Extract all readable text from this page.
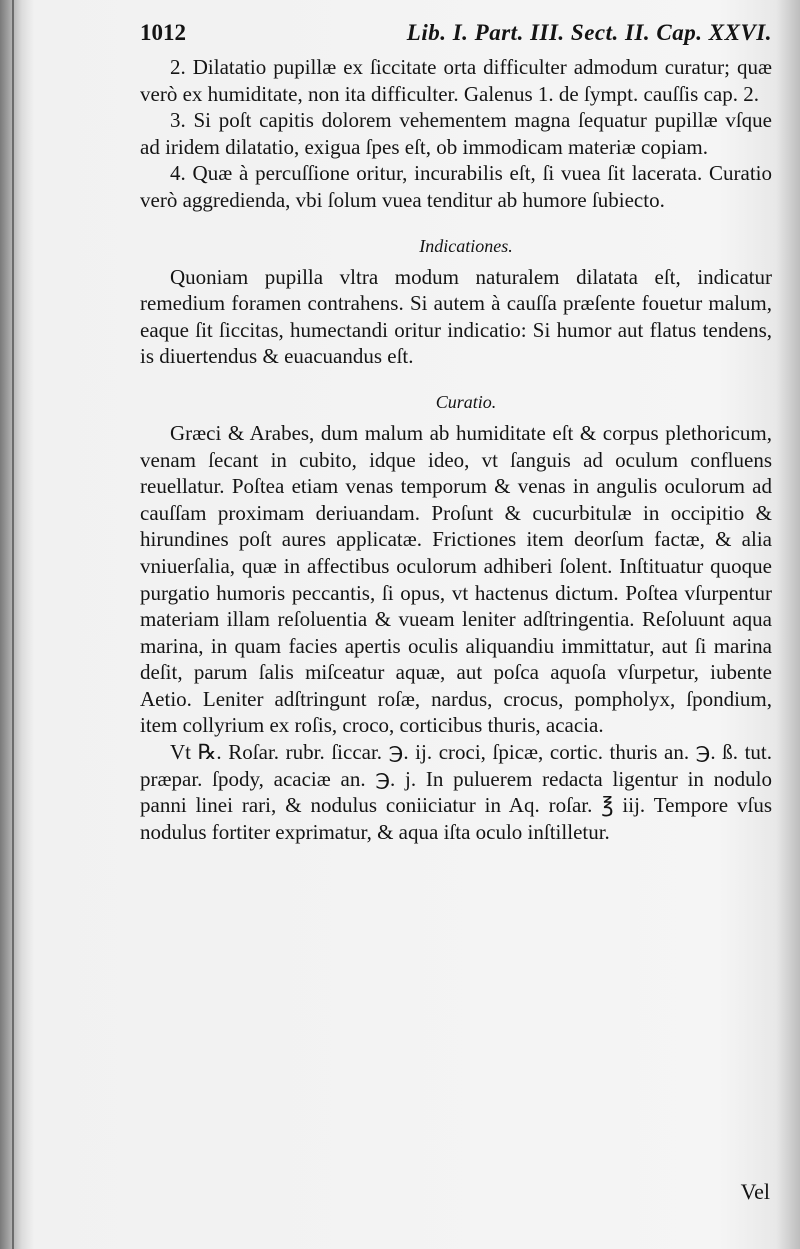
1012	Lib. I. Part. III. Sect. II. Cap. XXVI.

2. Dilatatio pupillæ ex ſiccitate orta difficulter admodum curatur; quæ verò ex humiditate, non ita difficulter. Galenus 1. de ſympt. cauſſis cap. 2.

3. Si poſt capitis dolorem vehementem magna ſequatur pupillæ vſque ad iridem dilatatio, exigua ſpes eſt, ob immodicam materiæ copiam.

4. Quæ à percuſſione oritur, incurabilis eſt, ſi vuea ſit lacerata. Curatio verò aggredienda, vbi ſolum vuea tenditur ab humore ſubiecto.

Indicationes.

Quoniam pupilla vltra modum naturalem dilatata eſt, indicatur remedium foramen contrahens. Si autem à cauſſa præſente fouetur malum, eaque ſit ſiccitas, humectandi oritur indicatio: Si humor aut flatus tendens, is diuertendus & euacuandus eſt.

Curatio.

Græci & Arabes, dum malum ab humiditate eſt & corpus plethoricum, venam ſecant in cubito, idque ideo, vt ſanguis ad oculum confluens reuellatur. Poſtea etiam venas temporum & venas in angulis oculorum ad cauſſam proximam deriuandam. Proſunt & cucurbitulæ in occipitio & hirundines poſt aures applicatæ. Frictiones item deorſum factæ, & alia vniuerſalia, quæ in affectibus oculorum adhiberi ſolent. Inſtituatur quoque purgatio humoris peccantis, ſi opus, vt hactenus dictum. Poſtea vſurpentur materiam illam reſoluentia & vueam leniter adſtringentia. Reſoluunt aqua marina, in quam facies apertis oculis aliquandiu immittatur, aut ſi marina deſit, parum ſalis miſceatur aquæ, aut poſca aquoſa vſurpetur, iubente Aetio. Leniter adſtringunt roſæ, nardus, crocus, pompholyx, ſpondium, item collyrium ex roſis, croco, corticibus thuris, acacia.

Vt ℞. Roſar. rubr. ſiccar. ℈. ij. croci, ſpicæ, cortic. thuris an. ℈. ß. tut. præpar. ſpody, acaciæ an. ℈. j. In puluerem redacta ligentur in nodulo panni linei rari, & nodulus coniiciatur in Aq. roſar. ℥ iij. Tempore vſus nodulus fortiter exprimatur, & aqua iſta oculo inſtilletur.

Vel
